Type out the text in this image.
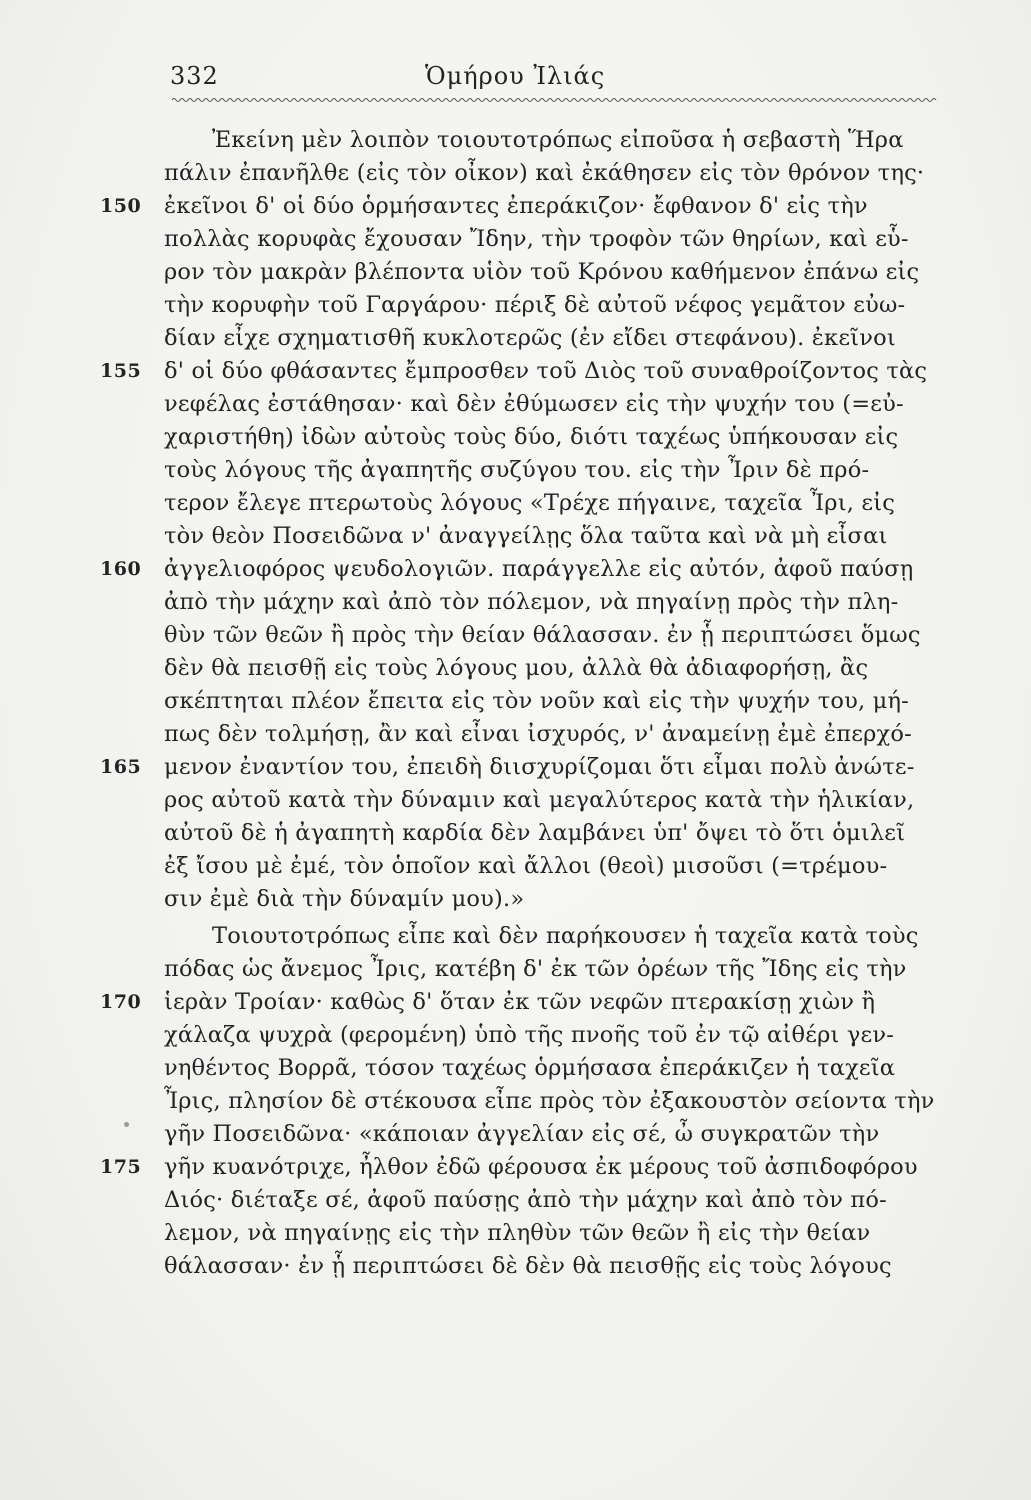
332	Ὁμήρου Ἰλιάς
Ἐκείνη μὲν λοιπὸν τοιουτοτρόπως εἰποῦσα ἡ σεβαστὴ Ἥρα
πάλιν ἐπανῆλθε (εἰς τὸν οἶκον) καὶ ἐκάθησεν εἰς τὸν θρόνον της·
150 ἐκεῖνοι δ' οἱ δύο ὁρμήσαντες ἐπεράκιζον· ἔφθανον δ' εἰς τὴν
πολλὰς κορυφὰς ἔχουσαν Ἴδην, τὴν τροφὸν τῶν θηρίων, καὶ εὗ-
ρον τὸν μακρὰν βλέποντα υἱὸν τοῦ Κρόνου καθήμενον ἐπάνω εἰς
τὴν κορυφὴν τοῦ Γαργάρου· πέριξ δὲ αὐτοῦ νέφος γεμᾶτον εὐω-
δίαν εἶχε σχηματισθῆ κυκλοτερῶς (ἐν εἴδει στεφάνου). ἐκεῖνοι
155 δ' οἱ δύο φθάσαντες ἔμπροσθεν τοῦ Διὸς τοῦ συναθροίζοντος τὰς
νεφέλας ἐστάθησαν· καὶ δὲν ἐθύμωσεν εἰς τὴν ψυχήν του (=εὐ-
χαριστήθη) ἰδὼν αὐτοὺς τοὺς δύο, διότι ταχέως ὑπήκουσαν εἰς
τοὺς λόγους τῆς ἀγαπητῆς συζύγου του. εἰς τὴν Ἶριν δὲ πρό-
τερον ἔλεγε πτερωτοὺς λόγους «Τρέχε πήγαινε, ταχεῖα Ἶρι, εἰς
τὸν θεὸν Ποσειδῶνα ν' ἀναγγείλῃς ὅλα ταῦτα καὶ νὰ μὴ εἶσαι
160 ἀγγελιοφόρος ψευδολογιῶν. παράγγελλε εἰς αὐτόν, ἀφοῦ παύσῃ
ἀπὸ τὴν μάχην καὶ ἀπὸ τὸν πόλεμον, νὰ πηγαίνῃ πρὸς τὴν πλη-
θὺν τῶν θεῶν ἢ πρὸς τὴν θείαν θάλασσαν. ἐν ᾗ περιπτώσει ὅμως
δὲν θὰ πεισθῇ εἰς τοὺς λόγους μου, ἀλλὰ θὰ ἀδιαφορήσῃ, ἂς
σκέπτηται πλέον ἔπειτα εἰς τὸν νοῦν καὶ εἰς τὴν ψυχήν του, μή-
πως δὲν τολμήσῃ, ἂν καὶ εἶναι ἰσχυρός, ν' ἀναμείνῃ ἐμὲ ἐπερχό-
165 μενον ἐναντίον του, ἐπειδὴ διισχυρίζομαι ὅτι εἶμαι πολὺ ἀνώτε-
ρος αὐτοῦ κατὰ τὴν δύναμιν καὶ μεγαλύτερος κατὰ τὴν ἡλικίαν,
αὐτοῦ δὲ ἡ ἀγαπητὴ καρδία δὲν λαμβάνει ὑπ' ὄψει τὸ ὅτι ὁμιλεῖ
ἐξ ἴσου μὲ ἐμέ, τὸν ὁποῖον καὶ ἄλλοι (θεοὶ) μισοῦσι (=τρέμου-
σιν ἐμὲ διὰ τὴν δύναμίν μου).»
Τοιουτοτρόπως εἶπε καὶ δὲν παρήκουσεν ἡ ταχεῖα κατὰ τοὺς
πόδας ὡς ἄνεμος Ἶρις, κατέβη δ' ἐκ τῶν ὀρέων τῆς Ἴδης εἰς τὴν
170 ἱερὰν Τροίαν· καθὼς δ' ὅταν ἐκ τῶν νεφῶν πτερακίσῃ χιὼν ἢ
χάλαζα ψυχρὰ (φερομένη) ὑπὸ τῆς πνοῆς τοῦ ἐν τῷ αἰθέρι γεν-
νηθέντος Βορρᾶ, τόσον ταχέως ὁρμήσασα ἐπεράκιζεν ἡ ταχεῖα
Ἶρις, πλησίον δὲ στέκουσα εἶπε πρὸς τὸν ἐξακουστὸν σείοντα τὴν
γῆν Ποσειδῶνα· «κάποιαν ἀγγελίαν εἰς σέ, ὦ συγκρατῶν τὴν
175 γῆν κυανότριχε, ἦλθον ἐδῶ φέρουσα ἐκ μέρους τοῦ ἀσπιδοφόρου
Διός· διέταξε σέ, ἀφοῦ παύσῃς ἀπὸ τὴν μάχην καὶ ἀπὸ τὸν πό-
λεμον, νὰ πηγαίνῃς εἰς τὴν πληθὺν τῶν θεῶν ἢ εἰς τὴν θείαν
θάλασσαν· ἐν ᾗ περιπτώσει δὲ δὲν θὰ πεισθῇς εἰς τοὺς λόγους
